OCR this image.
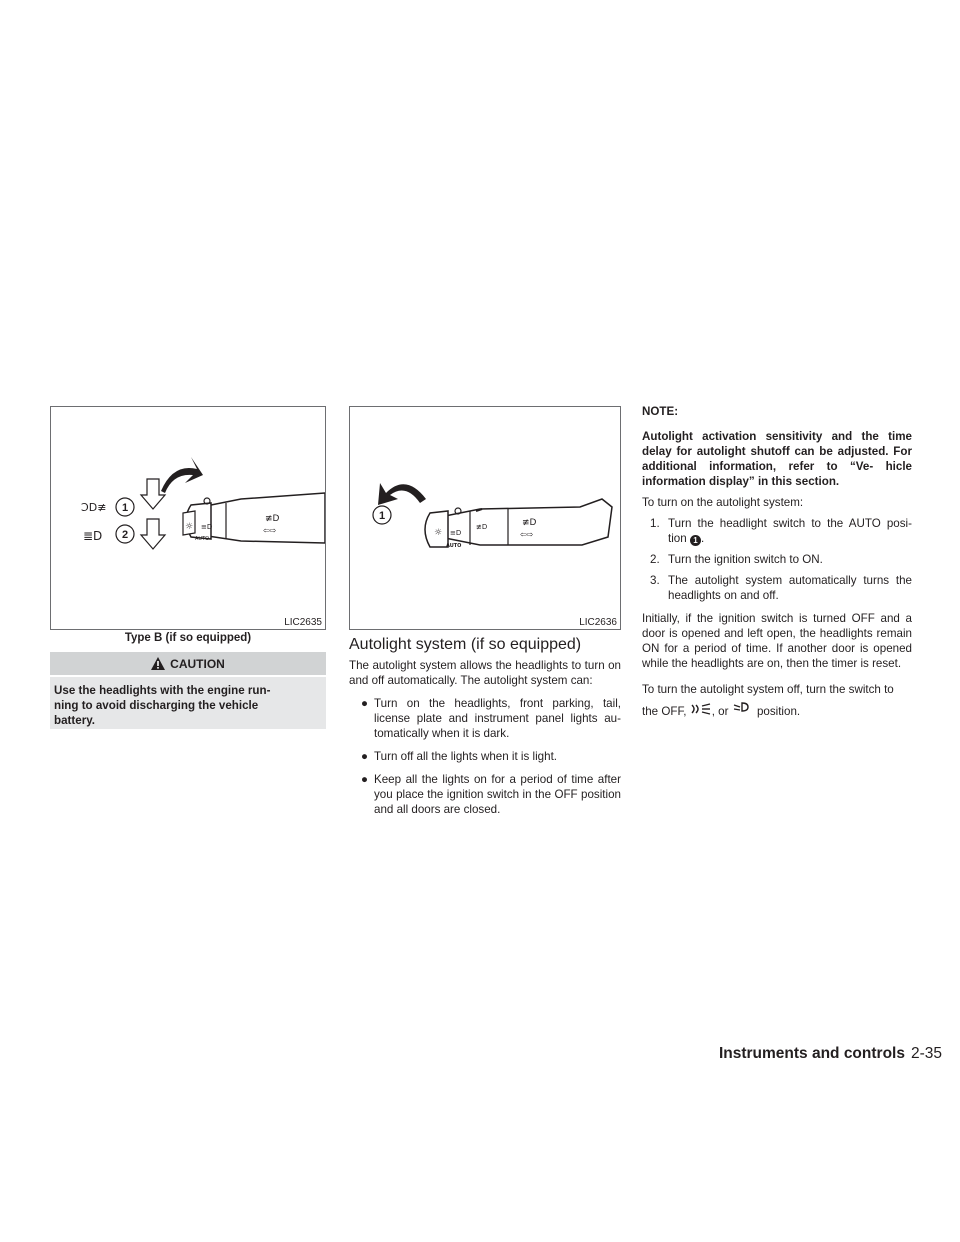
☼ ≡D
AUTO
≢D
⇦⇨
ƆD≢
≣D
1
2
LIC2635
Type B (if so equipped)
CAUTION
Use the headlights with the engine run-
ning to avoid discharging the vehicle
battery.
☼ ≡D
≢D
AUTO
≢D
⇦⇨
1
LIC2636
Autolight system (if so equipped)

The autolight system allows the headlights to turn on and off automatically. The autolight system can:

● Turn on the headlights, front parking, tail, license plate and instrument panel lights au- tomatically when it is dark.

● Turn off all the lights when it is light.

● Keep all the lights on for a period of time after you place the ignition switch in the OFF position and all doors are closed.

NOTE:

Autolight activation sensitivity and the time delay for autolight shutoff can be adjusted. For additional information, refer to “Ve- hicle information display” in this section.

To turn on the autolight system:

1. Turn the headlight switch to the AUTO posi- tion 1 .

2. Turn the ignition switch to ON.

3. The autolight system automatically turns the headlights on and off.

Initially, if the ignition switch is turned OFF and a door is opened and left open, the headlights remain ON for a period of time. If another door is opened while the headlights are on, then the timer is reset.

To turn the autolight system off, turn the switch to the OFF, , or position.

Instruments and controls 2-35
